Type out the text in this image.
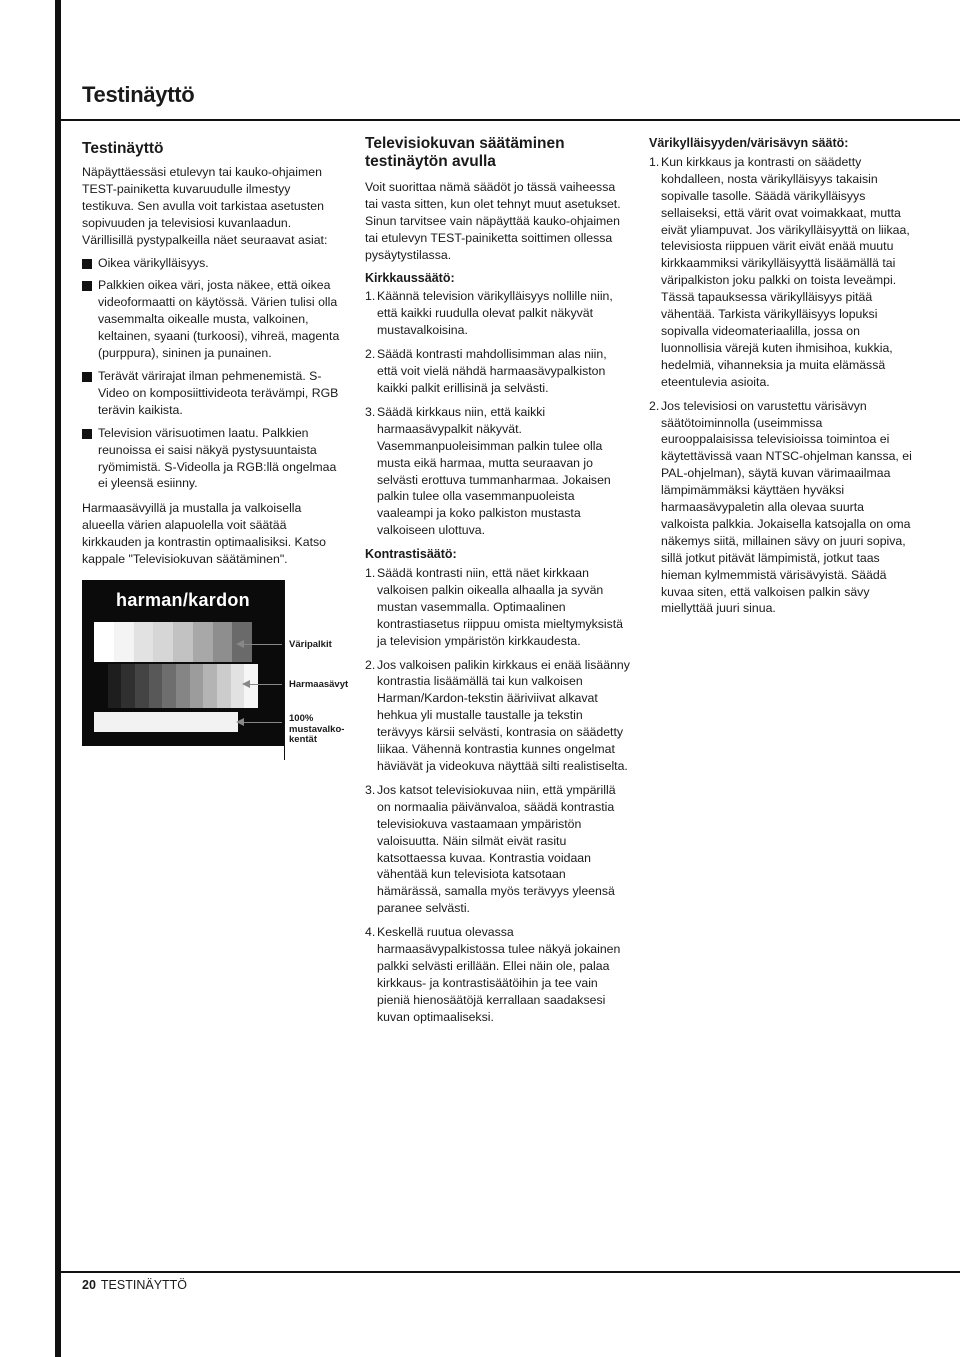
Testinäyttö
Testinäyttö

Näpäyttäessäsi etulevyn tai kauko-ohjaimen TEST-painiketta kuvaruudulle ilmestyy testikuva. Sen avulla voit tarkistaa asetusten sopivuuden ja televisiosi kuvanlaadun. Värillisillä pystypalkeilla näet seuraavat asiat:

Oikea värikylläisyys.
Palkkien oikea väri, josta näkee, että oikea videoformaatti on käytössä. Värien tulisi olla vasemmalta oikealle musta, valkoinen, keltainen, syaani (turkoosi), vihreä, magenta (purppura), sininen ja punainen.
Terävät värirajat ilman pehmenemistä. S-Video on komposiittivideota terävämpi, RGB terävin kaikista.
Television värisuotimen laatu. Palkkien reunoissa ei saisi näkyä pystysuuntaista ryömimistä. S-Videolla ja RGB:llä ongelmaa ei yleensä esiinny.

Harmaasävyillä ja mustalla ja valkoisella alueella värien alapuolella voit säätää kirkkauden ja kontrastin optimaalisiksi. Katso kappale "Televisiokuvan säätäminen".

harman/kardon
Väripalkit
Harmaasävyt
100% mustavalko-kentät
Televisiokuvan säätäminen testinäytön avulla

Voit suorittaa nämä säädöt jo tässä vaiheessa tai vasta sitten, kun olet tehnyt muut asetukset. Sinun tarvitsee vain näpäyttää kauko-ohjaimen tai etulevyn TEST-painiketta soittimen ollessa pysäytystilassa.

Kirkkaussäätö:
1. Käännä television värikylläisyys nollille niin, että kaikki ruudulla olevat palkit näkyvät mustavalkoisina.
2. Säädä kontrasti mahdollisimman alas niin, että voit vielä nähdä harmaasävypalkiston kaikki palkit erillisinä ja selvästi.
3. Säädä kirkkaus niin, että kaikki harmaasävypalkit näkyvät. Vasemmanpuoleisimman palkin tulee olla musta eikä harmaa, mutta seuraavan jo selvästi erottuva tummanharmaa. Jokaisen palkin tulee olla vasemmanpuoleista vaaleampi ja koko palkiston mustasta valkoiseen ulottuva.
Kontrastisäätö:
1. Säädä kontrasti niin, että näet kirkkaan valkoisen palkin oikealla alhaalla ja syvän mustan vasemmalla. Optimaalinen kontrastiasetus riippuu omista mieltymyksistä ja television ympäristön kirkkaudesta.
2. Jos valkoisen palikin kirkkaus ei enää lisäänny kontrastia lisäämällä tai kun valkoisen Harman/Kardon-tekstin ääriviivat alkavat hehkua yli mustalle taustalle ja tekstin terävyys kärsii selvästi, kontrasia on säädetty liikaa. Vähennä kontrastia kunnes ongelmat häviävät ja videokuva näyttää silti realistiselta.
3. Jos katsot televisiokuvaa niin, että ympärillä on normaalia päivänvaloa, säädä kontrastia televisiokuva vastaamaan ympäristön valoisuutta. Näin silmät eivät rasitu katsottaessa kuvaa. Kontrastia voidaan vähentää kun televisiota katsotaan hämärässä, samalla myös terävyys yleensä paranee selvästi.
4. Keskellä ruutua olevassa harmaasävypalkistossa tulee näkyä jokainen palkki selvästi erillään. Ellei näin ole, palaa kirkkaus- ja kontrastisäätöihin ja tee vain pieniä hienosäätöjä kerrallaan saadaksesi kuvan optimaaliseksi.
Värikylläisyyden/värisävyn säätö:
1. Kun kirkkaus ja kontrasti on säädetty kohdalleen, nosta värikylläisyys takaisin sopivalle tasolle. Säädä värikylläisyys sellaiseksi, että värit ovat voimakkaat, mutta eivät yliampuvat. Jos värikylläisyyttä on liikaa, televisiosta riippuen värit eivät enää muutu kirkkaammiksi värikylläisyyttä lisäämällä tai väripalkiston joku palkki on toista leveämpi. Tässä tapauksessa värikylläisyys pitää vähentää. Tarkista värikylläisyys lopuksi sopivalla videomateriaalilla, jossa on luonnollisia värejä kuten ihmisihoa, kukkia, hedelmiä, vihanneksia ja muita elämässä eteentulevia asioita.
2. Jos televisiosi on varustettu värisävyn säätötoiminnolla (useimmissa eurooppalaisissa televisioissa toimintoa ei käytettävissä vaan NTSC-ohjelman kanssa, ei PAL-ohjelman), säytä kuvan värimaailmaa lämpimämmäksi käyttäen hyväksi harmaasävypaletin alla olevaa suurta valkoista palkkia. Jokaisella katsojalla on oma näkemys siitä, millainen sävy on juuri sopiva, sillä jotkut pitävät lämpimistä, jotkut taas hieman kylmemmistä värisävyistä. Säädä kuvaa siten, että valkoisen palkin sävy miellyttää juuri sinua.
20 TESTINÄYTTÖ
